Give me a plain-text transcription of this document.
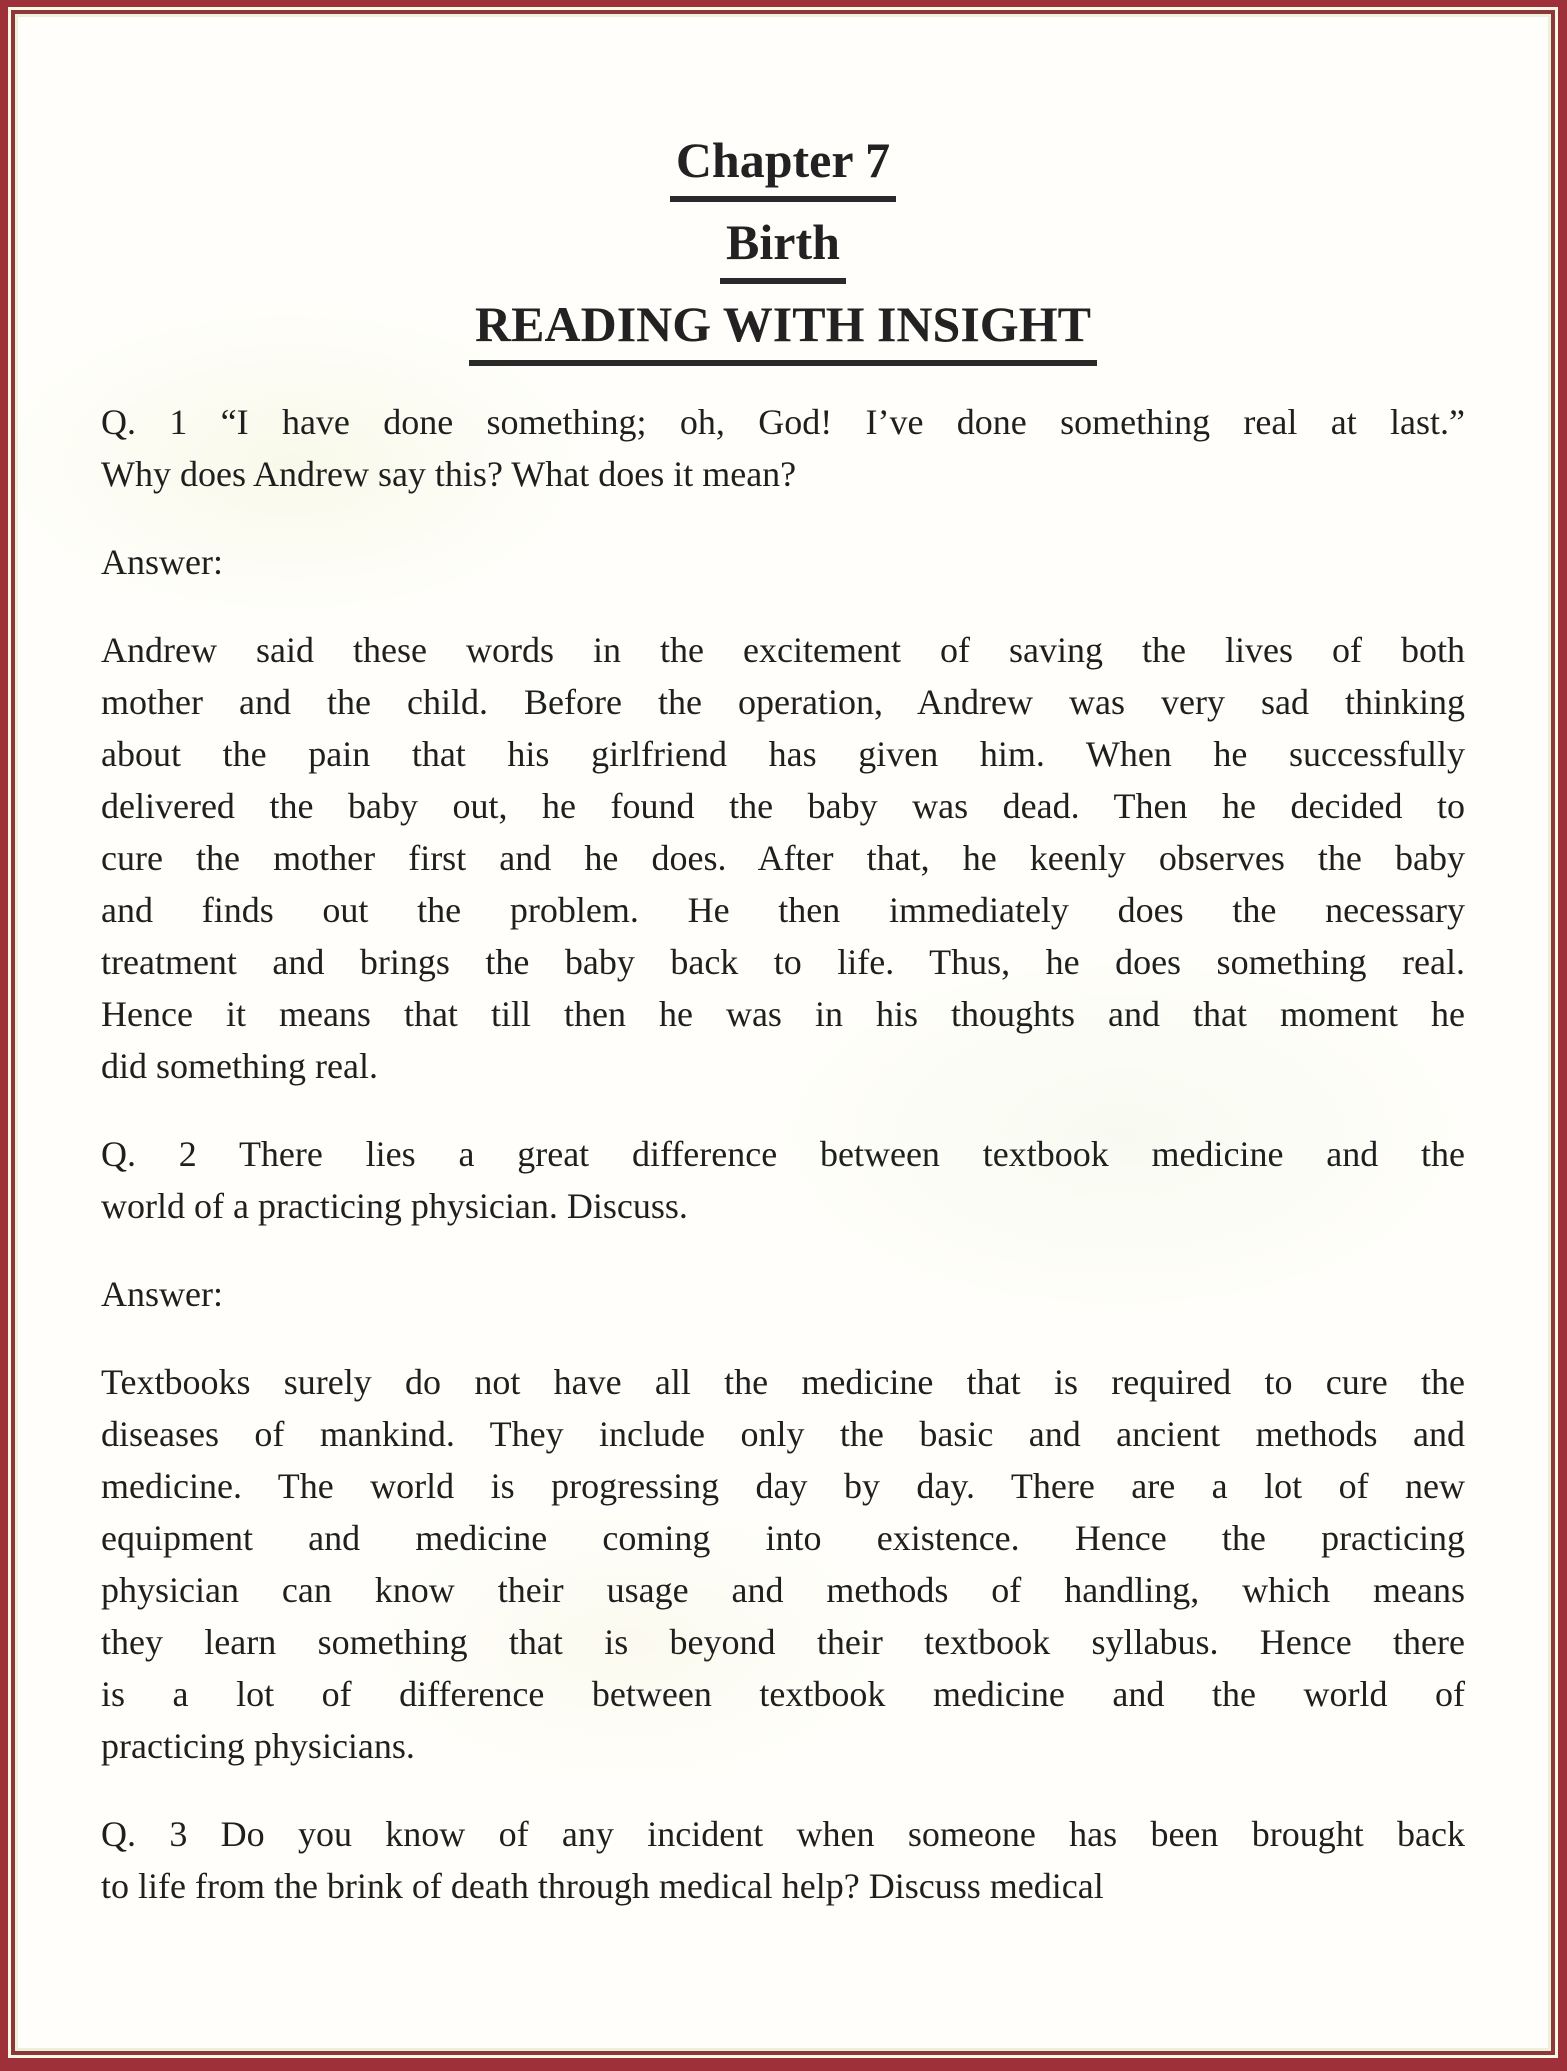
Chapter 7
Birth
READING WITH INSIGHT
Q. 1 “I have done something; oh, God! I’ve done something real at last.”
Why does Andrew say this? What does it mean?
Answer:
Andrew said these words in the excitement of saving the lives of both
mother and the child. Before the operation, Andrew was very sad thinking
about the pain that his girlfriend has given him. When he successfully
delivered the baby out, he found the baby was dead. Then he decided to
cure the mother first and he does. After that, he keenly observes the baby
and finds out the problem. He then immediately does the necessary
treatment and brings the baby back to life. Thus, he does something real.
Hence it means that till then he was in his thoughts and that moment he
did something real.
Q. 2 There lies a great difference between textbook medicine and the
world of a practicing physician. Discuss.
Answer:
Textbooks surely do not have all the medicine that is required to cure the
diseases of mankind. They include only the basic and ancient methods and
medicine. The world is progressing day by day. There are a lot of new
equipment and medicine coming into existence. Hence the practicing
physician can know their usage and methods of handling, which means
they learn something that is beyond their textbook syllabus. Hence there
is a lot of difference between textbook medicine and the world of
practicing physicians.
Q. 3 Do you know of any incident when someone has been brought back
to life from the brink of death through medical help? Discuss medical
